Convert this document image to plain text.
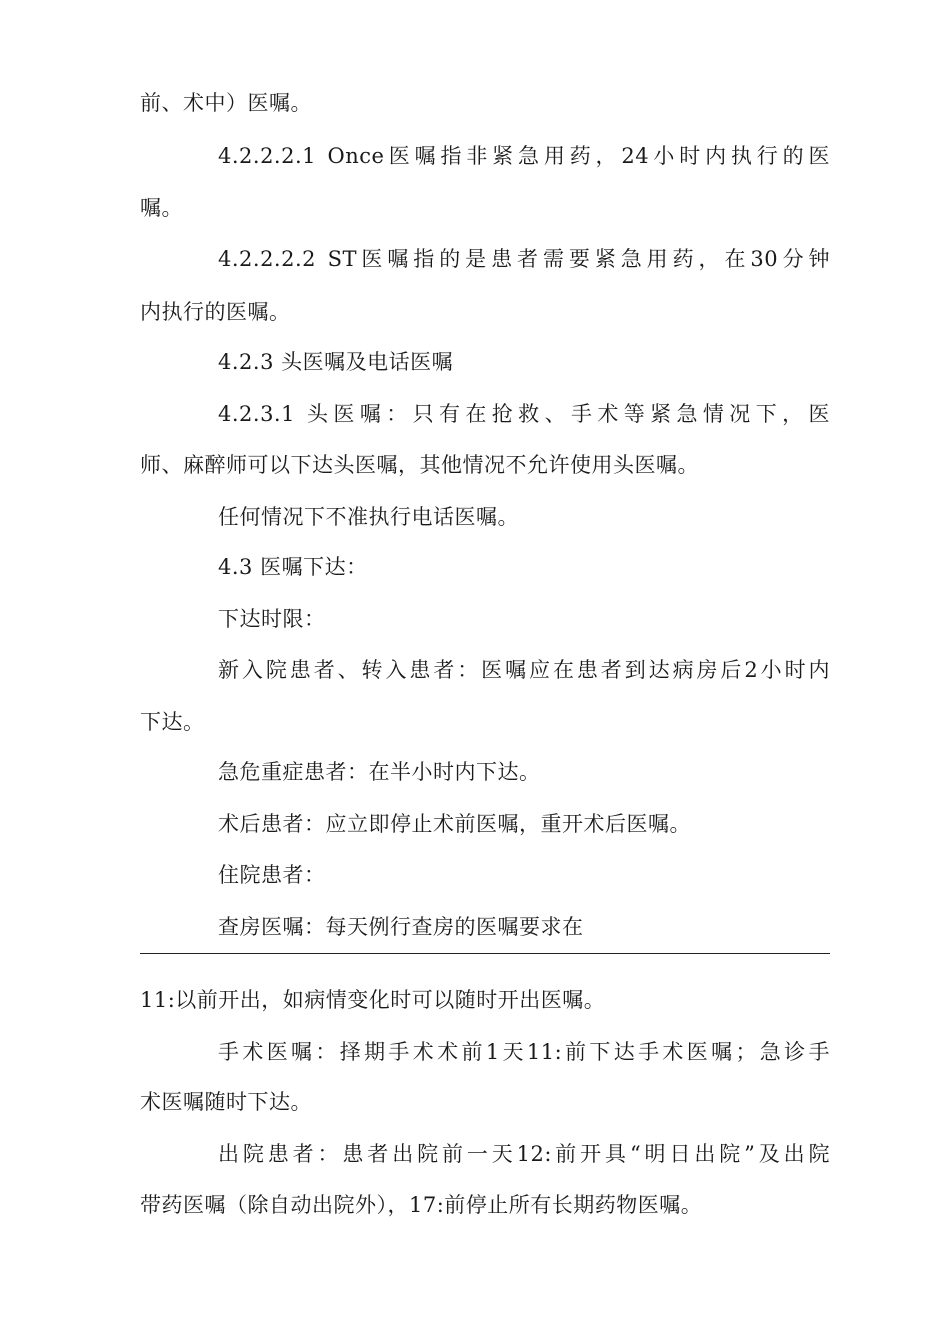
前、术中）医嘱。
4.2.2.2.1 Once医嘱指非紧急用药，24小时内执行的医
嘱。
4.2.2.2.2 ST医嘱指的是患者需要紧急用药，在30分钟
内执行的医嘱。
4.2.3 头医嘱及电话医嘱
4.2.3.1 头医嘱：只有在抢救、手术等紧急情况下，医
师、麻醉师可以下达头医嘱，其他情况不允许使用头医嘱。
任何情况下不准执行电话医嘱。
4.3 医嘱下达：
下达时限：
新入院患者、转入患者：医嘱应在患者到达病房后2小时内
下达。
急危重症患者：在半小时内下达。
术后患者：应立即停止术前医嘱，重开术后医嘱。
住院患者：
查房医嘱：每天例行查房的医嘱要求在
11:以前开出，如病情变化时可以随时开出医嘱。
手术医嘱：择期手术术前1天11:前下达手术医嘱；急诊手
术医嘱随时下达。
出院患者：患者出院前一天12:前开具“明日出院”及出院
带药医嘱（除自动出院外），17:前停止所有长期药物医嘱。
